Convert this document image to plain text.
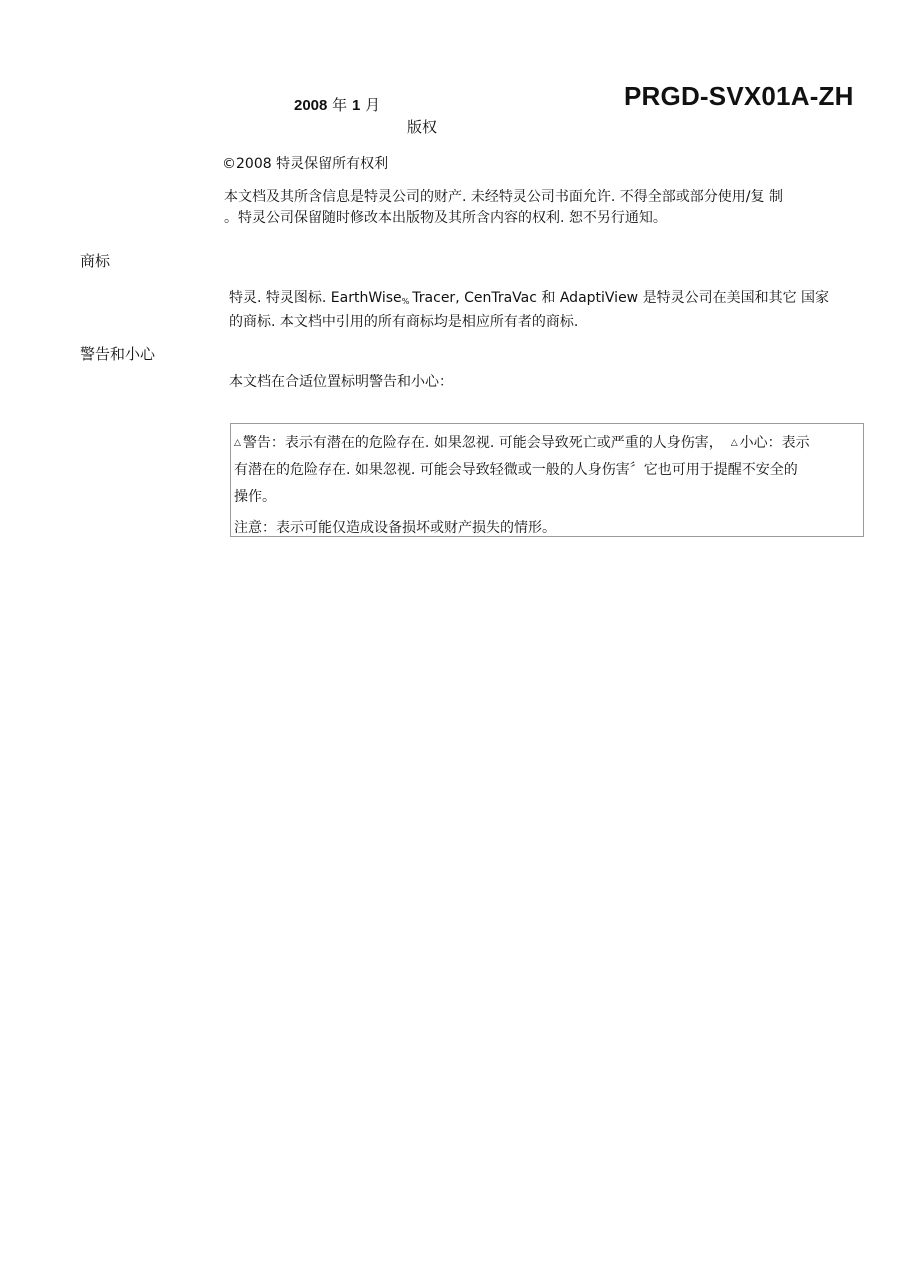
2008 年 1 月	PRGD-SVX01A-ZH
版权
©2008 特灵保留所有权利
本文档及其所含信息是特灵公司的财产. 未经特灵公司书面允许. 不得全部或部分使用/复 制
。特灵公司保留随时修改本出版物及其所含内容的权利. 恕不另行通知。
商标
特灵. 特灵图标. EarthWise% Tracer, CenTraVac 和 AdaptiView 是特灵公司在美国和其它 国家
的商标. 本文档中引用的所有商标均是相应所有者的商标.
警告和小心
本文档在合适位置标明警告和小心：
△ 警告：表示有潜在的危险存在. 如果忽视. 可能会导致死亡或严重的人身伤害， △ 小心：表示
有潜在的危险存在. 如果忽视. 可能会导致轻微或一般的人身伤害〞它也可用于提醒不安全的
操作。
注意：表示可能仅造成设备损坏或财产损失的情形。
